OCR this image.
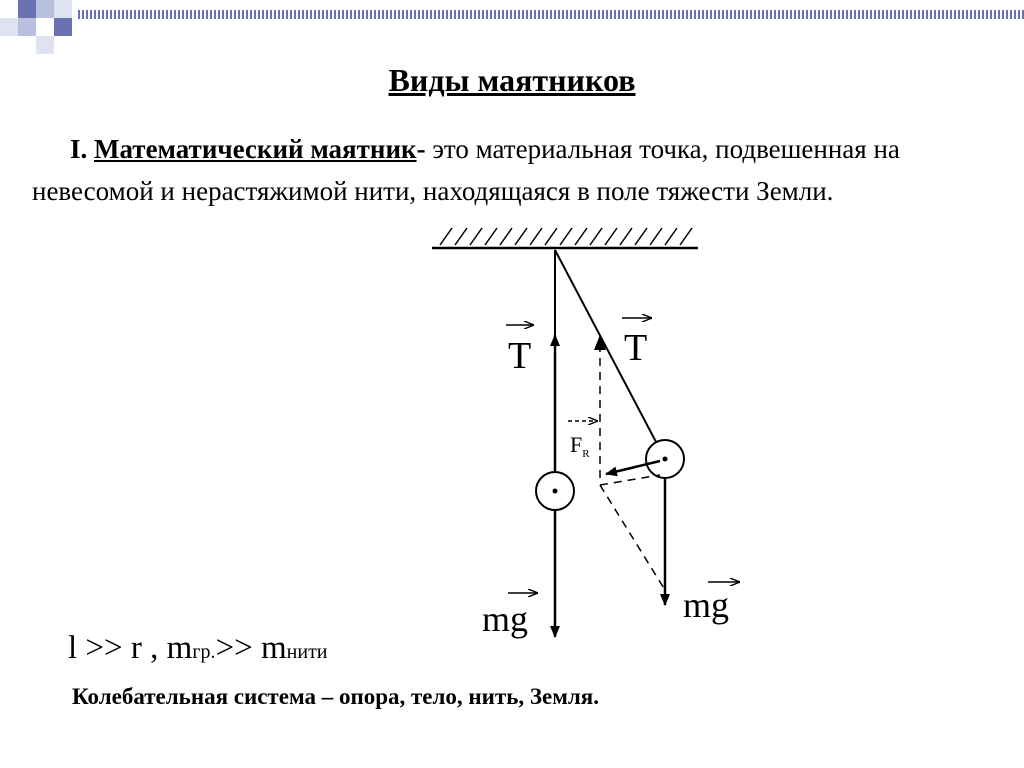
Виды маятников
I. Математический маятник- это материальная точка, подвешенная на невесомой и нерастяжимой нити, находящаяся в поле тяжести Земли.
T T
$F_R$
mg	mg
l >> r , mгр.>> mнити
Колебательная система – опора, тело, нить, Земля.
